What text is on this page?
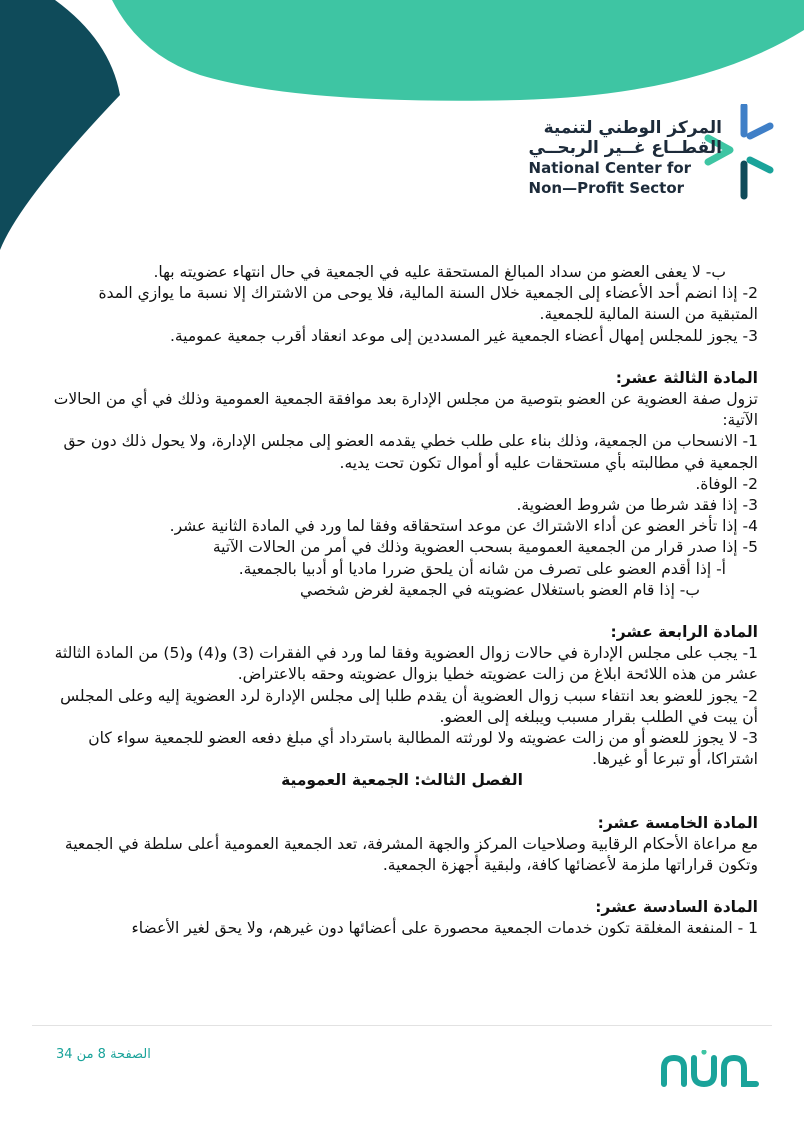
المركز الوطني لتنمية
القطــاع غــير الربحــي
National Center for
Non—Profit Sector

ب- لا يعفى العضو من سداد المبالغ المستحقة عليه في الجمعية في حال انتهاء عضويته بها.

2- إذا انضم أحد الأعضاء إلى الجمعية خلال السنة المالية، فلا يوحى من الاشتراك إلا نسبة ما يوازي المدة المتبقية من السنة المالية للجمعية.

3- يجوز للمجلس إمهال أعضاء الجمعية غير المسددين إلى موعد انعقاد أقرب جمعية عمومية.

المادة الثالثة عشر:

تزول صفة العضوية عن العضو بتوصية من مجلس الإدارة بعد موافقة الجمعية العمومية وذلك في أي من الحالات الآتية:

1- الانسحاب من الجمعية، وذلك بناء على طلب خطي يقدمه العضو إلى مجلس الإدارة، ولا يحول ذلك دون حق الجمعية في مطالبته بأي مستحقات عليه أو أموال تكون تحت يديه.

2- الوفاة.

3- إذا فقد شرطا من شروط العضوية.

4- إذا تأخر العضو عن أداء الاشتراك عن موعد استحقاقه وفقا لما ورد في المادة الثانية عشر.

5- إذا صدر قرار من الجمعية العمومية بسحب العضوية وذلك في أمر من الحالات الآتية

أ- إذا أقدم العضو على تصرف من شانه أن يلحق ضررا ماديا أو أدبيا بالجمعية.

ب- إذا قام العضو باستغلال عضويته في الجمعية لغرض شخصي

المادة الرابعة عشر:

1- يجب على مجلس الإدارة في حالات زوال العضوية وفقا لما ورد في الفقرات (3) و(4) و(5) من المادة الثالثة عشر من هذه اللائحة ابلاغ من زالت عضويته خطيا بزوال عضويته وحقه بالاعتراض.

2- يجوز للعضو بعد انتفاء سبب زوال العضوية أن يقدم طلبا إلى مجلس الإدارة لرد العضوية إليه وعلى المجلس أن يبت في الطلب بقرار مسبب ويبلغه إلى العضو.

3- لا يجوز للعضو أو من زالت عضويته ولا لورثته المطالبة باسترداد أي مبلغ دفعه العضو للجمعية سواء كان اشتراكا، أو تبرعا أو غيرها.

الفصل الثالث: الجمعية العمومية

المادة الخامسة عشر:

مع مراعاة الأحكام الرقابية وصلاحيات المركز والجهة المشرفة، تعد الجمعية العمومية أعلى سلطة في الجمعية وتكون قراراتها ملزمة لأعضائها كافة، ولبقية أجهزة الجمعية.

المادة السادسة عشر:

1 - المنفعة المغلقة تكون خدمات الجمعية محصورة على أعضائها دون غيرهم، ولا يحق لغير الأعضاء

الصفحة 8 من 34
